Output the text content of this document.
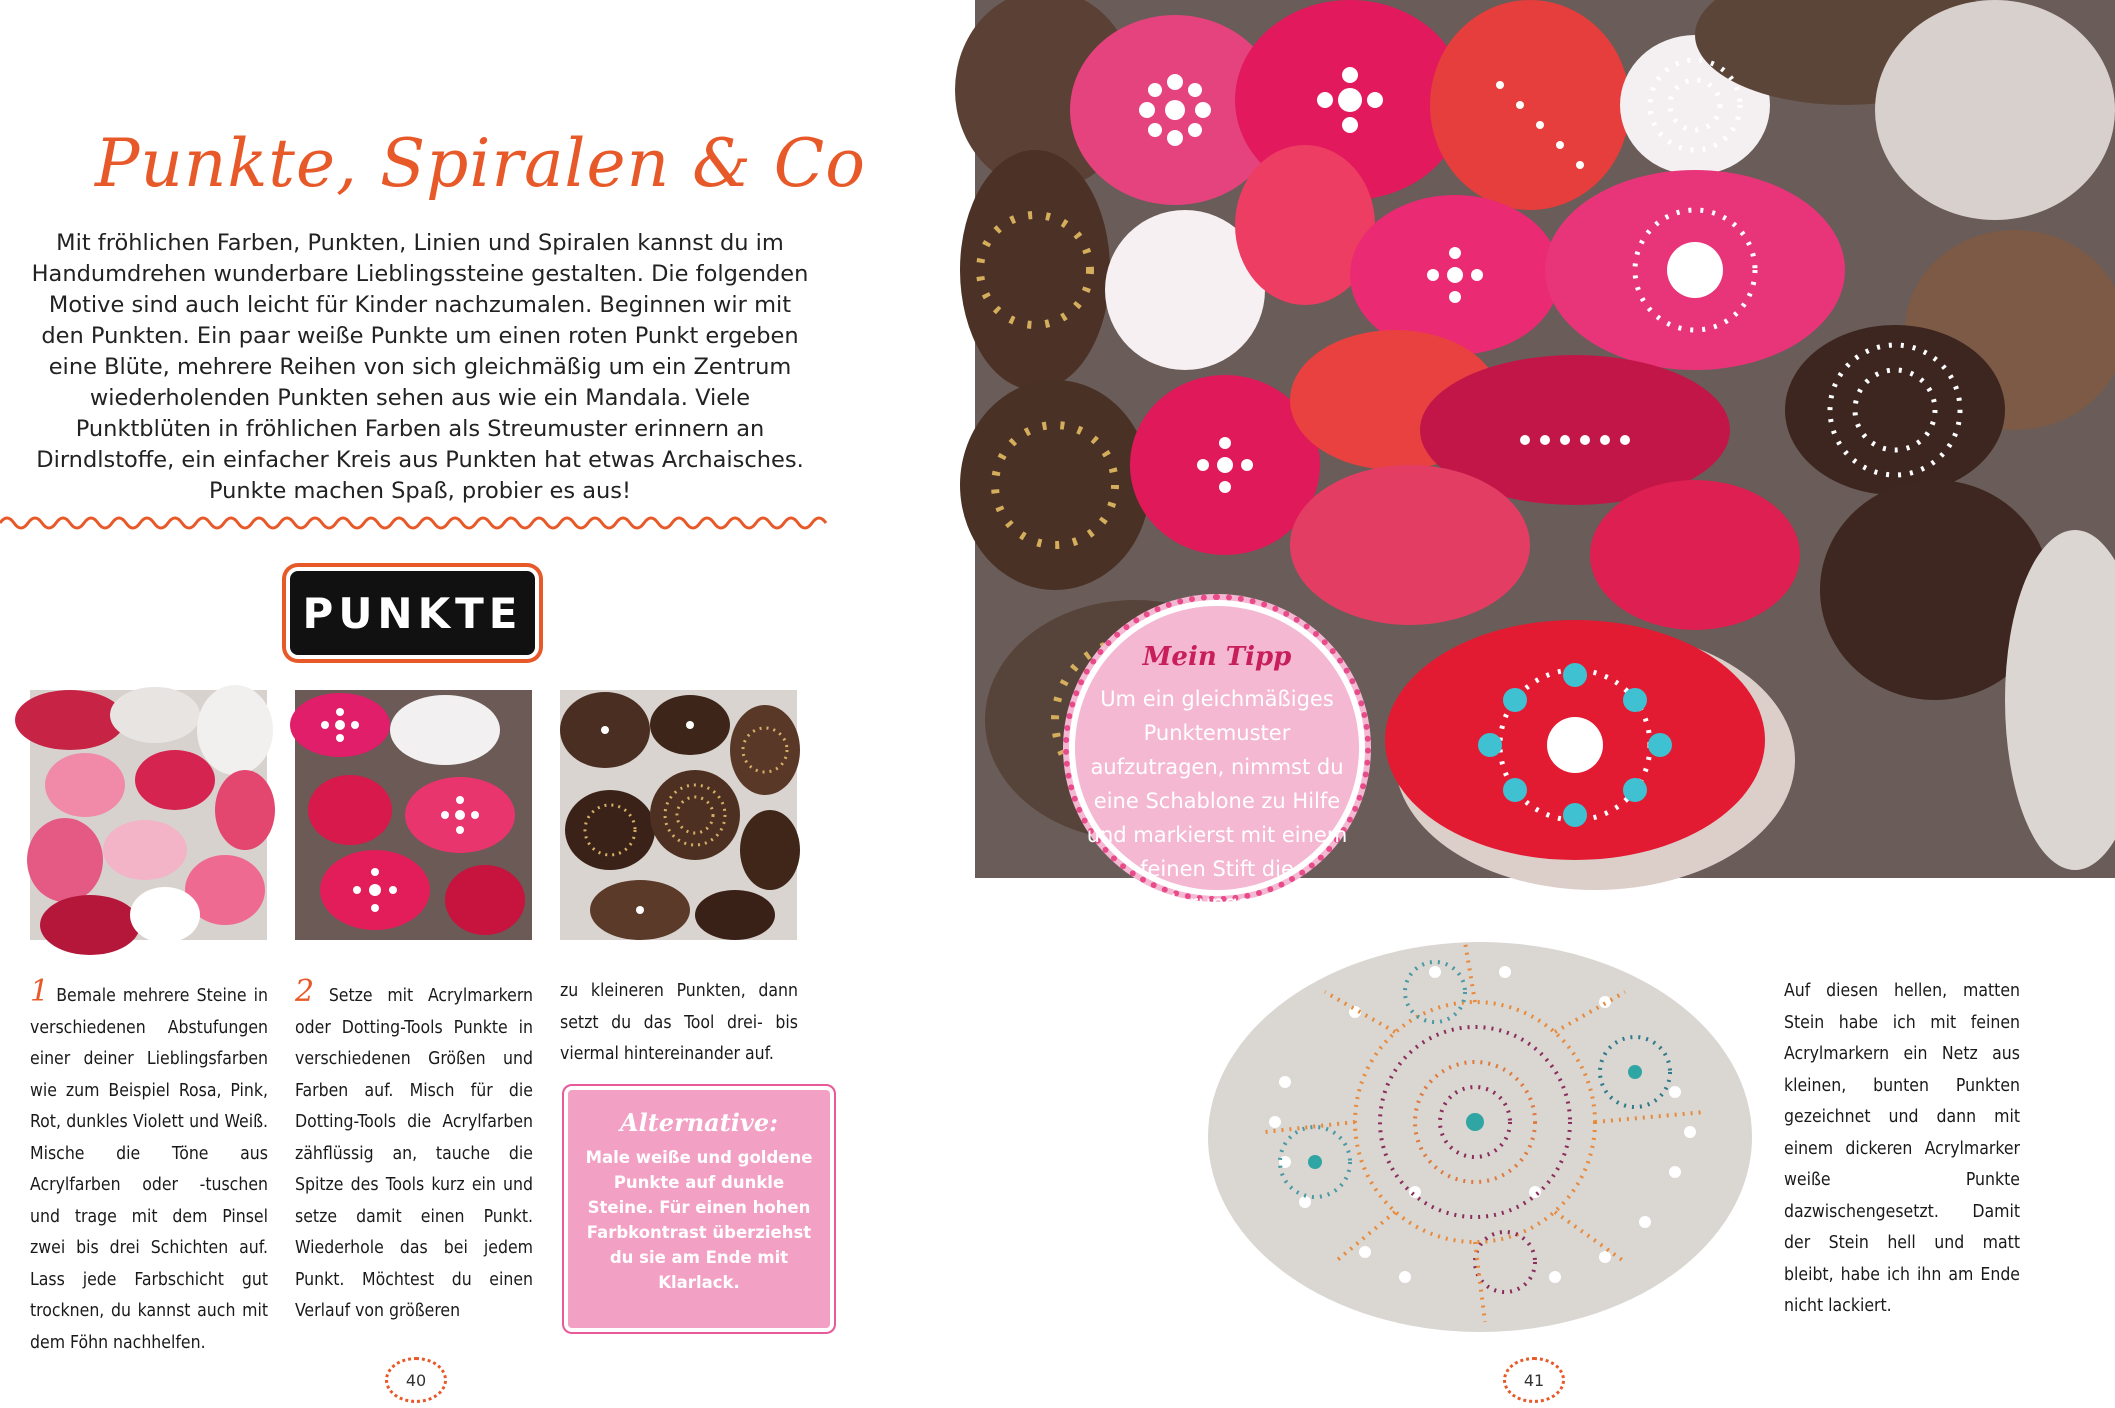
Punkte, Spiralen & Co

Mit fröhlichen Farben, Punkten, Linien und Spiralen kannst du im Handumdrehen wunderbare Lieblingssteine gestalten. Die folgenden Motive sind auch leicht für Kinder nachzumalen. Beginnen wir mit den Punkten. Ein paar weiße Punkte um einen roten Punkt ergeben eine Blüte, mehrere Reihen von sich gleichmäßig um ein Zentrum wiederholenden Punkten sehen aus wie ein Mandala. Viele Punktblüten in fröhlichen Farben als Streumuster erinnern an Dirndlstoffe, ein einfacher Kreis aus Punkten hat etwas Archaisches. Punkte machen Spaß, probier es aus!

PUNKTE

1 Bemale mehrere Steine in verschiedenen Abstufungen einer deiner Lieblingsfarben wie zum Beispiel Rosa, Pink, Rot, dunkles Violett und Weiß. Mische die Töne aus Acrylfarben oder -tuschen und trage mit dem Pinsel zwei bis drei Schichten auf. Lass jede Farbschicht gut trocknen, du kannst auch mit dem Föhn nachhelfen.

2 Setze mit Acrylmarkern oder Dotting-Tools Punkte in verschiedenen Größen und Farben auf. Misch für die Dotting-Tools die Acrylfarben zähflüssig an, tauche die Spitze des Tools kurz ein und setze damit einen Punkt. Wiederhole das bei jedem Punkt. Möchtest du einen Verlauf von größeren

zu kleineren Punkten, dann setzt du das Tool drei- bis viermal hintereinander auf.

Alternative:

Male weiße und goldene Punkte auf dunkle Steine. Für einen hohen Farbkontrast überziehst du sie am Ende mit Klarlack.

40
Mein Tipp

Um ein gleichmäßiges Punktemuster aufzutragen, nimmst du eine Schablone zu Hilfe und markierst mit einem feinen Stift die Orientierungspunkte.

Auf diesen hellen, matten Stein habe ich mit feinen Acrylmarkern ein Netz aus kleinen, bunten Punkten gezeichnet und dann mit einem dickeren Acrylmarker weiße Punkte dazwischengesetzt. Damit der Stein hell und matt bleibt, habe ich ihn am Ende nicht lackiert.

41
